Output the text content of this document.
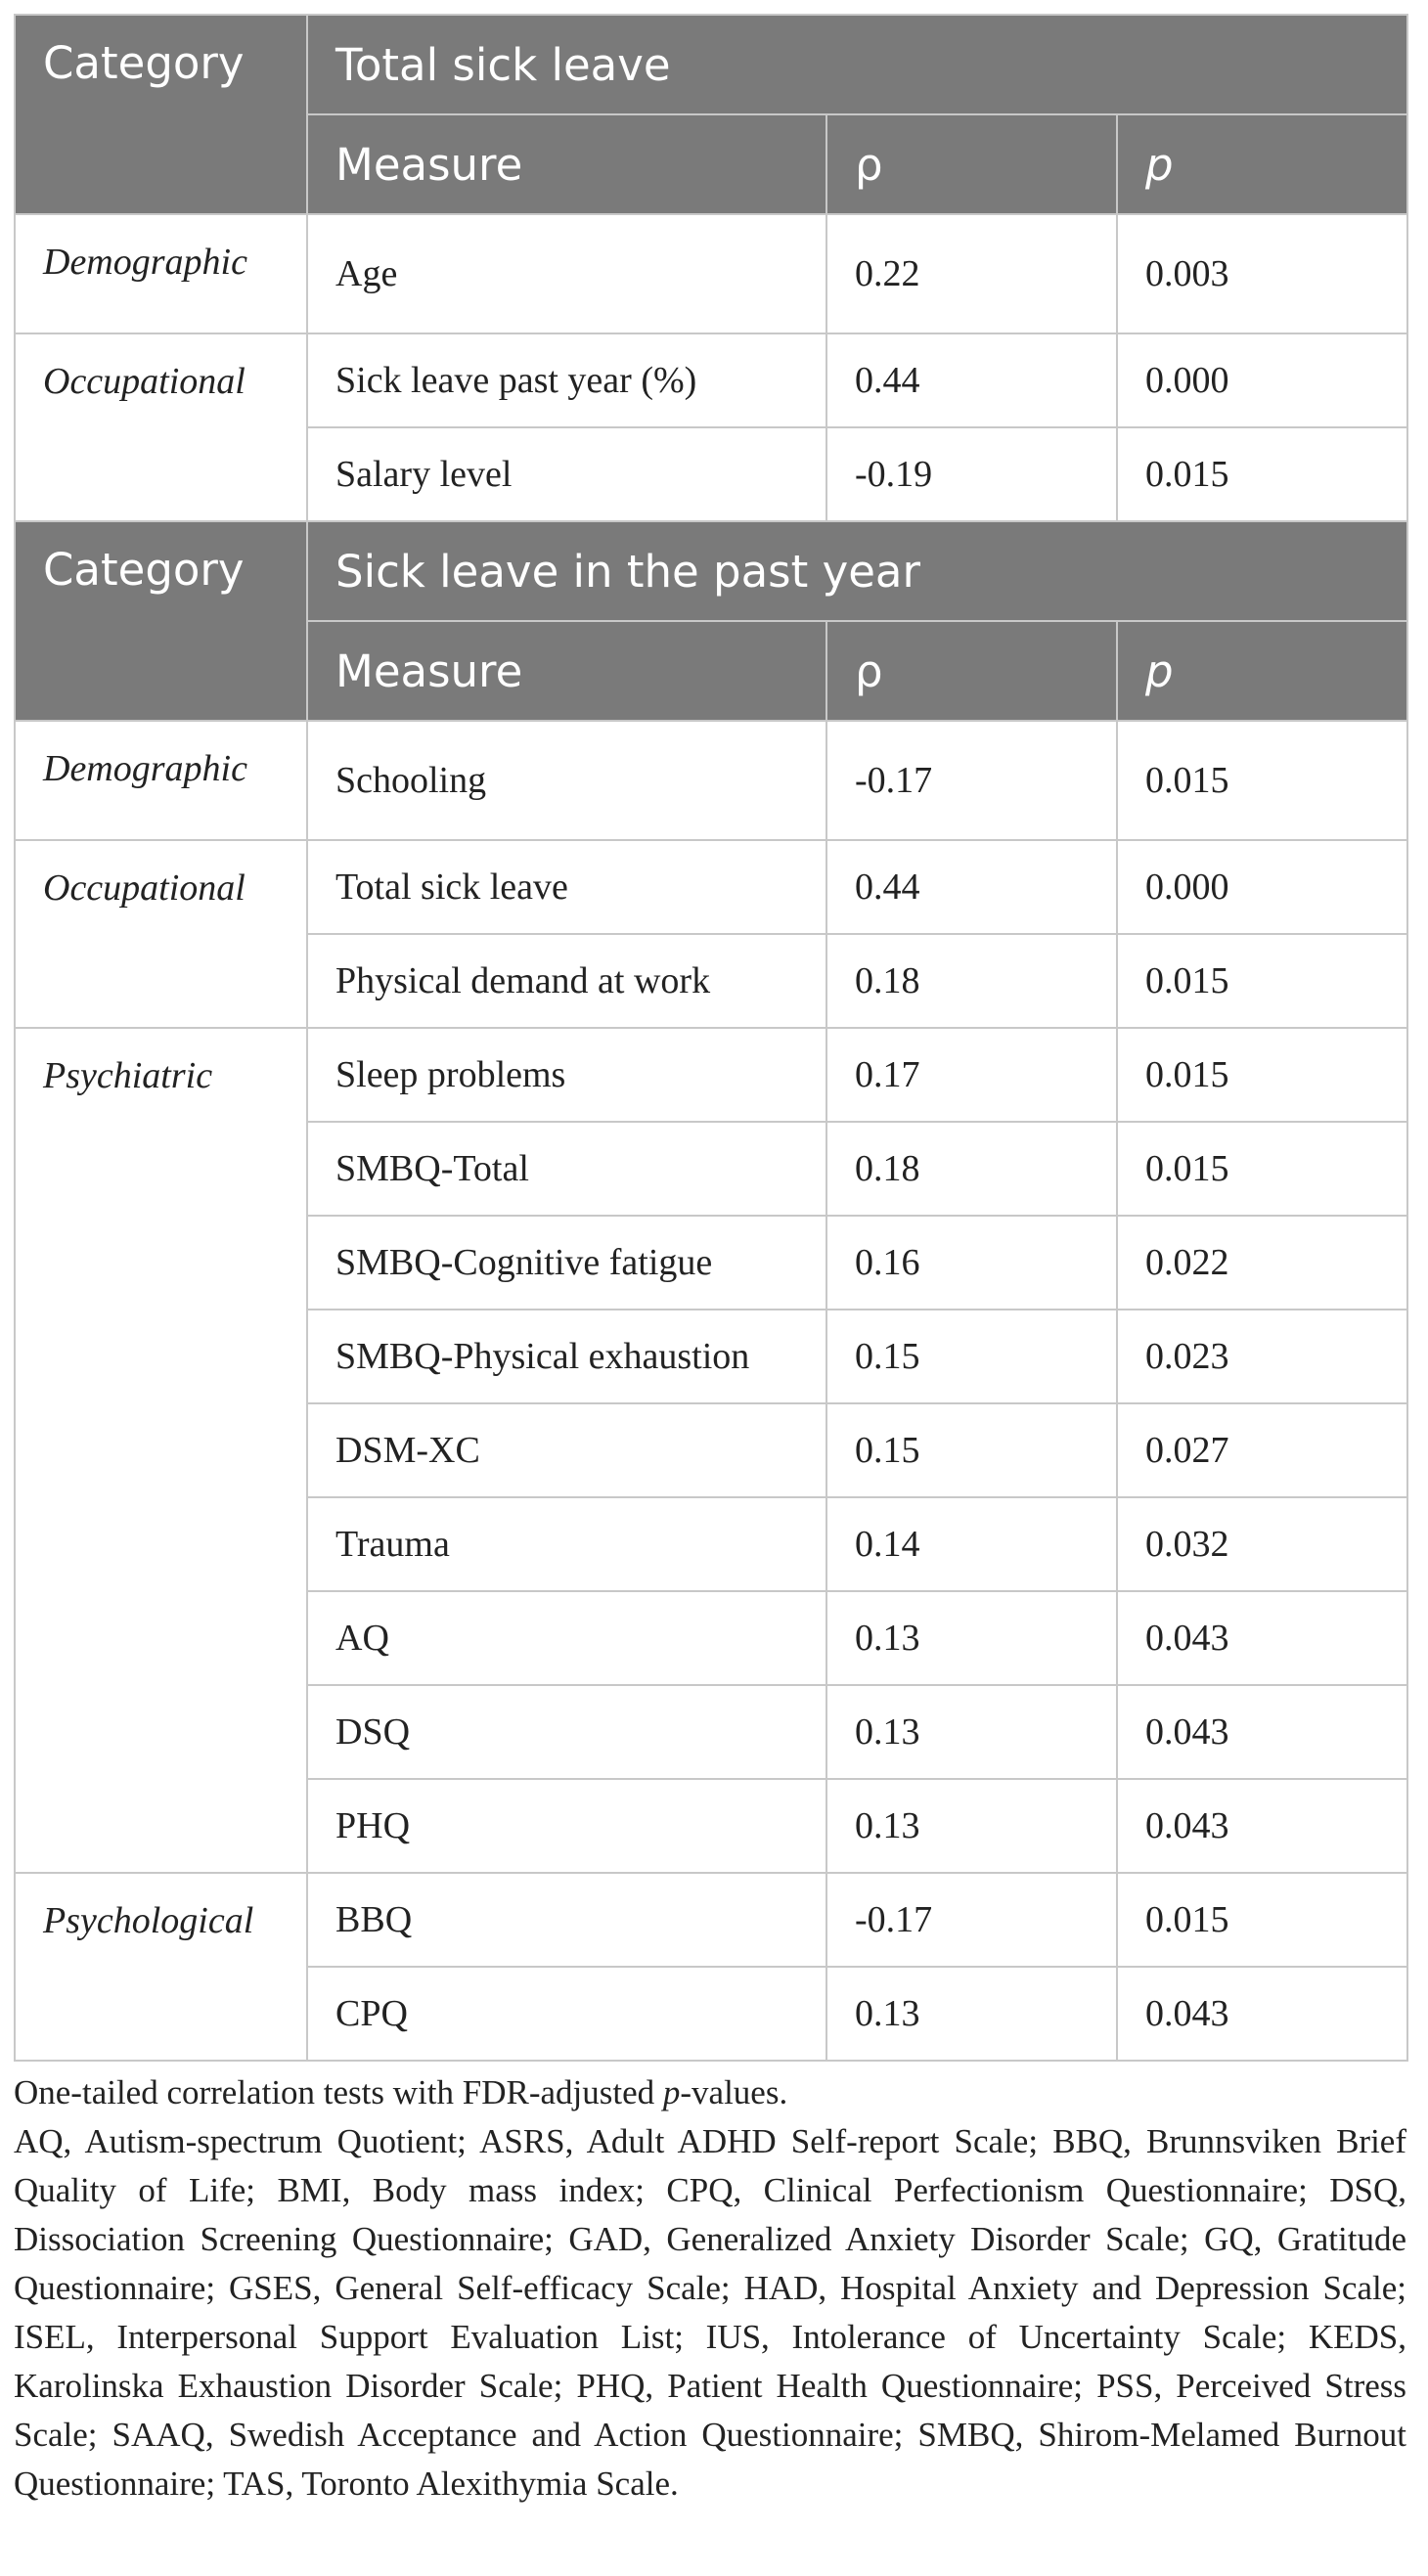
Category	Total sick leave		
	Measure	ρ	p
Demographic	Age	0.22	0.003
Occupational	Sick leave past year (%)	0.44	0.000
	Salary level	-0.19	0.015
Category	Sick leave in the past year		
	Measure	ρ	p
Demographic	Schooling	-0.17	0.015
Occupational	Total sick leave	0.44	0.000
	Physical demand at work	0.18	0.015
Psychiatric	Sleep problems	0.17	0.015
	SMBQ-Total	0.18	0.015
	SMBQ-Cognitive fatigue	0.16	0.022
	SMBQ-Physical exhaustion	0.15	0.023
	DSM-XC	0.15	0.027
	Trauma	0.14	0.032
	AQ	0.13	0.043
	DSQ	0.13	0.043
	PHQ	0.13	0.043
Psychological	BBQ	-0.17	0.015
	CPQ	0.13	0.043

One-tailed correlation tests with FDR-adjusted p-values.

AQ, Autism-spectrum Quotient; ASRS, Adult ADHD Self-report Scale; BBQ, Brunnsviken Brief Quality of Life; BMI, Body mass index; CPQ, Clinical Perfectionism Questionnaire; DSQ, Dissociation Screening Questionnaire; GAD, Generalized Anxiety Disorder Scale; GQ, Gratitude Questionnaire; GSES, General Self-efficacy Scale; HAD, Hospital Anxiety and Depression Scale; ISEL, Interpersonal Support Evaluation List; IUS, Intolerance of Uncertainty Scale; KEDS, Karolinska Exhaustion Disorder Scale; PHQ, Patient Health Questionnaire; PSS, Perceived Stress Scale; SAAQ, Swedish Acceptance and Action Questionnaire; SMBQ, Shirom-Melamed Burnout Questionnaire; TAS, Toronto Alexithymia Scale.
